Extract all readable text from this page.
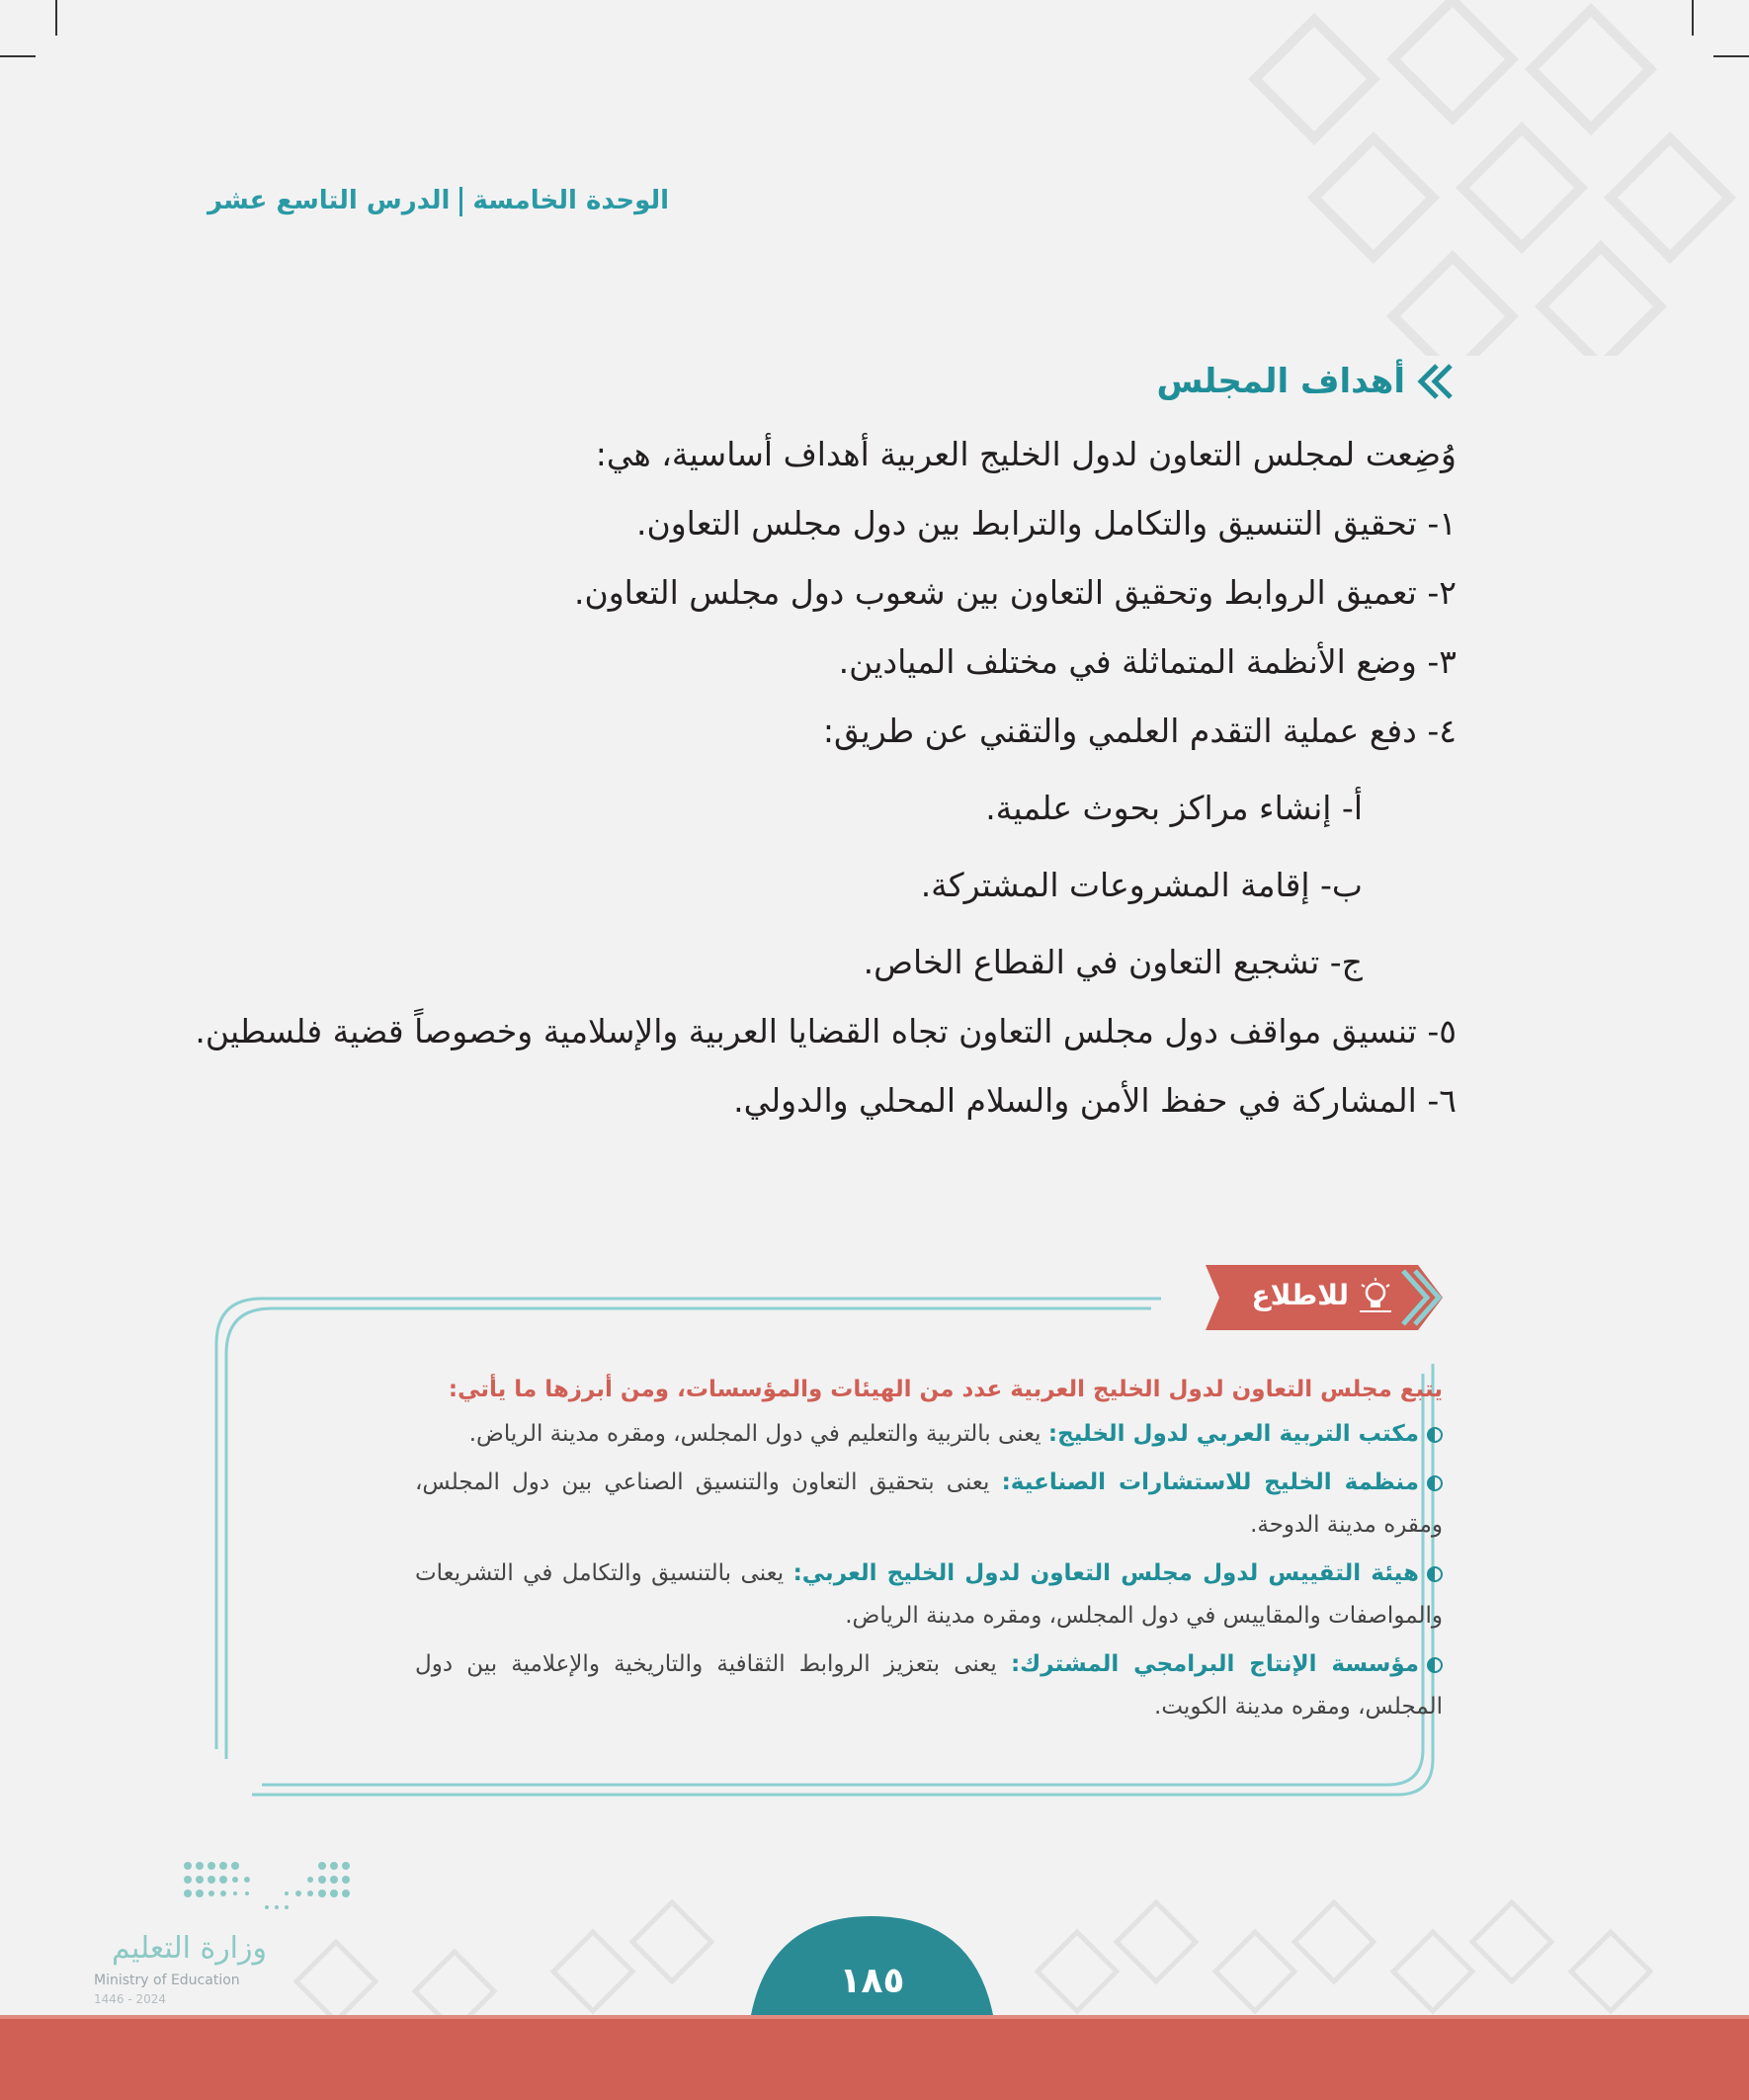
الوحدة الخامسةالدرس التاسع عشر
أهداف المجلس

وُضِعت لمجلس التعاون لدول الخليج العربية أهداف أساسية، هي:

١- تحقيق التنسيق والتكامل والترابط بين دول مجلس التعاون.

٢- تعميق الروابط وتحقيق التعاون بين شعوب دول مجلس التعاون.

٣- وضع الأنظمة المتماثلة في مختلف الميادين.

٤- دفع عملية التقدم العلمي والتقني عن طريق:

أ- إنشاء مراكز بحوث علمية.

ب- إقامة المشروعات المشتركة.

ج- تشجيع التعاون في القطاع الخاص.

٥- تنسيق مواقف دول مجلس التعاون تجاه القضايا العربية والإسلامية وخصوصاً قضية فلسطين.

٦- المشاركة في حفظ الأمن والسلام المحلي والدولي.

للاطلاع

يتبع مجلس التعاون لدول الخليج العربية عدد من الهيئات والمؤسسات، ومن أبرزها ما يأتي:

مكتب التربية العربي لدول الخليج: يعنى بالتربية والتعليم في دول المجلس، ومقره مدينة الرياض.

منظمة الخليج للاستشارات الصناعية: يعنى بتحقيق التعاون والتنسيق الصناعي بين دول المجلس، ومقره مدينة الدوحة.

هيئة التقييس لدول مجلس التعاون لدول الخليج العربي: يعنى بالتنسيق والتكامل في التشريعات والمواصفات والمقاييس في دول المجلس، ومقره مدينة الرياض.

مؤسسة الإنتاج البرامجي المشترك: يعنى بتعزيز الروابط الثقافية والتاريخية والإعلامية بين دول المجلس، ومقره مدينة الكويت.

وزارة التعليم
Ministry of Education
2024 - 1446	١٨٥
